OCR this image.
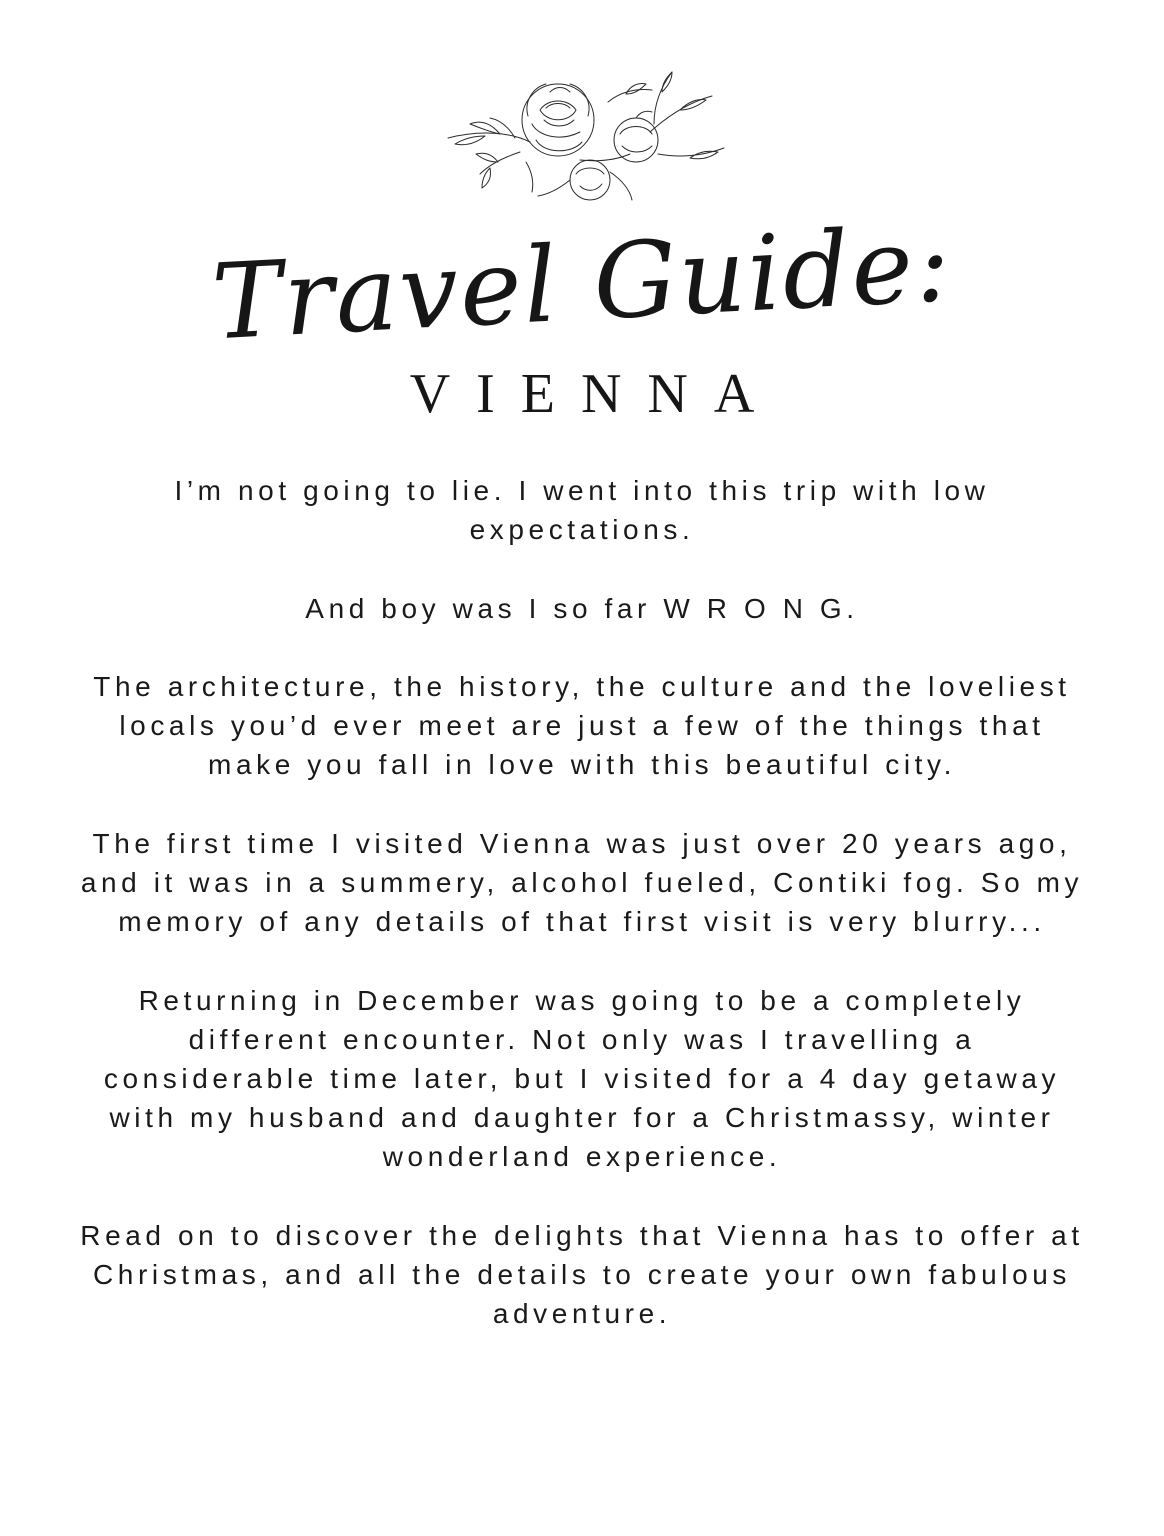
Travel Guide:
VIENNA

I’m not going to lie. I went into this trip with low expectations.

And boy was I so far W R O N G.

The architecture, the history, the culture and the loveliest locals you’d ever meet are just a few of the things that make you fall in love with this beautiful city.

The first time I visited Vienna was just over 20 years ago, and it was in a summery, alcohol fueled, Contiki fog. So my memory of any details of that first visit is very blurry...

Returning in December was going to be a completely different encounter. Not only was I travelling a considerable time later, but I visited for a 4 day getaway with my husband and daughter for a Christmassy, winter wonderland experience.

Read on to discover the delights that Vienna has to offer at Christmas, and all the details to create your own fabulous adventure.
